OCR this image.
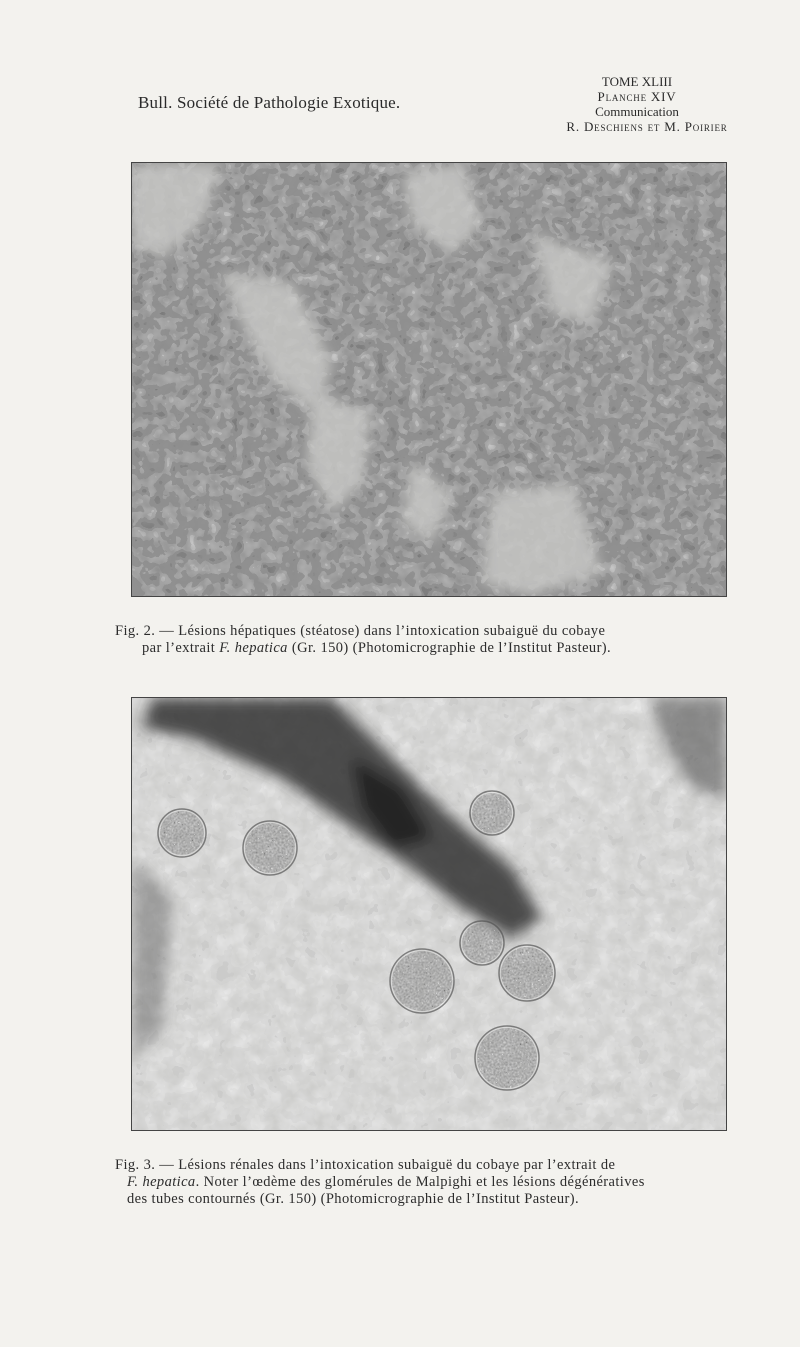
Bull. Société de Pathologie Exotique.

TOME XLIII
Planche XIV
Communication
R. Deschiens et M. Poirier

Fig. 2. — Lésions hépatiques (stéatose) dans l’intoxication subaiguë du cobaye
par l’extrait F. hepatica (Gr. 150) (Photomicrographie de l’Institut Pasteur).

Fig. 3. — Lésions rénales dans l’intoxication subaiguë du cobaye par l’extrait de
F. hepatica. Noter l’œdème des glomérules de Malpighi et les lésions dégénératives
des tubes contournés (Gr. 150) (Photomicrographie de l’Institut Pasteur).
